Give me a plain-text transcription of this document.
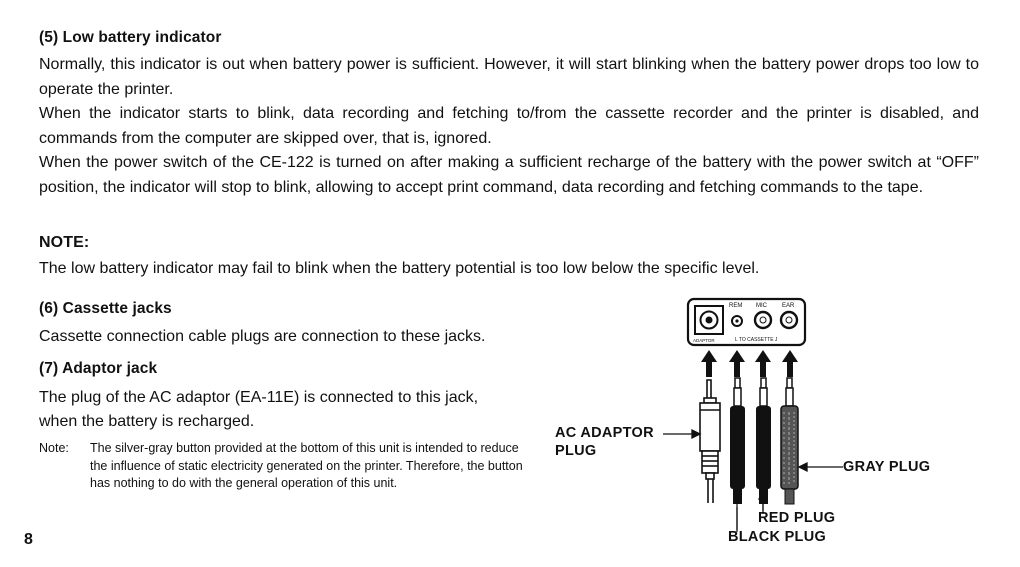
(5) Low battery indicator
Normally, this indicator is out when battery power is sufficient. However, it will start blinking when the battery power drops too low to operate the printer.
When the indicator starts to blink, data recording and fetching to/from the cassette recorder and the printer is disabled, and commands from the computer are skipped over, that is, ignored.
When the power switch of the CE-122 is turned on after making a sufficient recharge of the battery with the power switch at “OFF” position, the indicator will stop to blink, allowing to accept print command, data recording and fetching commands to the tape.
NOTE:
The low battery indicator may fail to blink when the battery potential is too low below the specific level.
(6) Cassette jacks
Cassette connection cable plugs are connection to these jacks.
(7) Adaptor jack
The plug of the AC adaptor (EA-11E) is connected to this jack,
when the battery is recharged.
Note: The silver-gray button provided at the bottom of this unit is intended to reduce the influence of static electricity generated on the printer. Therefore, the button has nothing to do with the general operation of this unit.
8
REM MIC	EAR
ADAPTOR	L TO CASSETTE J
AC ADAPTOR
PLUG
GRAY PLUG
RED PLUG
BLACK PLUG
